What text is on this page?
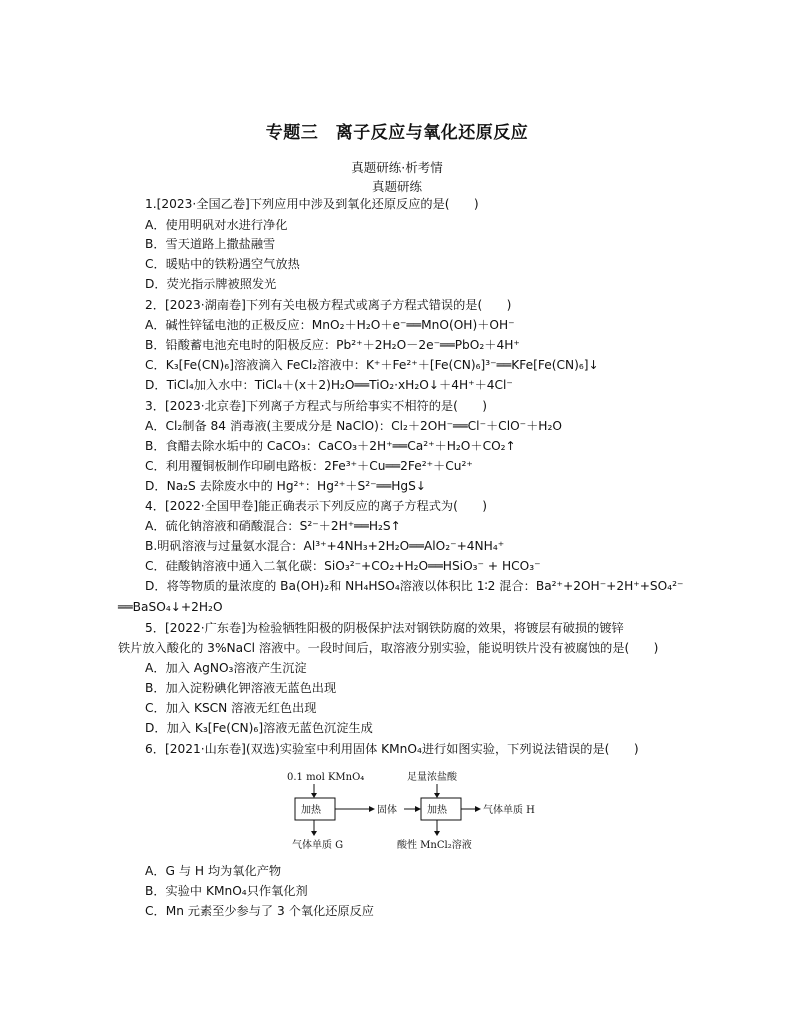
专题三　离子反应与氧化还原反应
真题研练·析考情
真题研练
1.[2023·全国乙卷]下列应用中涉及到氧化还原反应的是(　　)
A．使用明矾对水进行净化
B．雪天道路上撒盐融雪
C．暖贴中的铁粉遇空气放热
D．荧光指示牌被照发光
2．[2023·湖南卷]下列有关电极方程式或离子方程式错误的是(　　)
A．碱性锌锰电池的正极反应：MnO₂＋H₂O＋e⁻══MnO(OH)＋OH⁻
B．铅酸蓄电池充电时的阳极反应：Pb²⁺＋2H₂O－2e⁻══PbO₂＋4H⁺
C．K₃[Fe(CN)₆]溶液滴入 FeCl₂溶液中：K⁺＋Fe²⁺＋[Fe(CN)₆]³⁻══KFe[Fe(CN)₆]↓
D．TiCl₄加入水中：TiCl₄＋(x＋2)H₂O══TiO₂·xH₂O↓＋4H⁺＋4Cl⁻
3．[2023·北京卷]下列离子方程式与所给事实不相符的是(　　)
A．Cl₂制备 84 消毒液(主要成分是 NaClO)：Cl₂＋2OH⁻══Cl⁻＋ClO⁻＋H₂O
B．食醋去除水垢中的 CaCO₃：CaCO₃＋2H⁺══Ca²⁺＋H₂O＋CO₂↑
C．利用覆铜板制作印刷电路板：2Fe³⁺＋Cu══2Fe²⁺＋Cu²⁺
D．Na₂S 去除废水中的 Hg²⁺：Hg²⁺＋S²⁻══HgS↓
4．[2022·全国甲卷]能正确表示下列反应的离子方程式为(　　)
A．硫化钠溶液和硝酸混合：S²⁻＋2H⁺══H₂S↑
B.明矾溶液与过量氨水混合：Al³⁺+4NH₃+2H₂O══AlO₂⁻+4NH₄⁺
C．硅酸钠溶液中通入二氧化碳：SiO₃²⁻+CO₂+H₂O══HSiO₃⁻ + HCO₃⁻
D．将等物质的量浓度的 Ba(OH)₂和 NH₄HSO₄溶液以体积比 1∶2 混合：Ba²⁺+2OH⁻+2H⁺+SO₄²⁻
══BaSO₄↓+2H₂O
5．[2022·广东卷]为检验牺牲阳极的阴极保护法对钢铁防腐的效果，将镀层有破损的镀锌
铁片放入酸化的 3%NaCl 溶液中。一段时间后，取溶液分别实验，能说明铁片没有被腐蚀的是(　　)
A．加入 AgNO₃溶液产生沉淀
B．加入淀粉碘化钾溶液无蓝色出现
C．加入 KSCN 溶液无红色出现
D．加入 K₃[Fe(CN)₆]溶液无蓝色沉淀生成
6．[2021·山东卷](双选)实验室中利用固体 KMnO₄进行如图实验，下列说法错误的是(　　)
0.1 mol KMnO₄
加热	固体
足量浓盐酸
加热	气体单质 H
气体单质 G	酸性 MnCl₂溶液
A．G 与 H 均为氧化产物
B．实验中 KMnO₄只作氧化剂
C．Mn 元素至少参与了 3 个氧化还原反应
